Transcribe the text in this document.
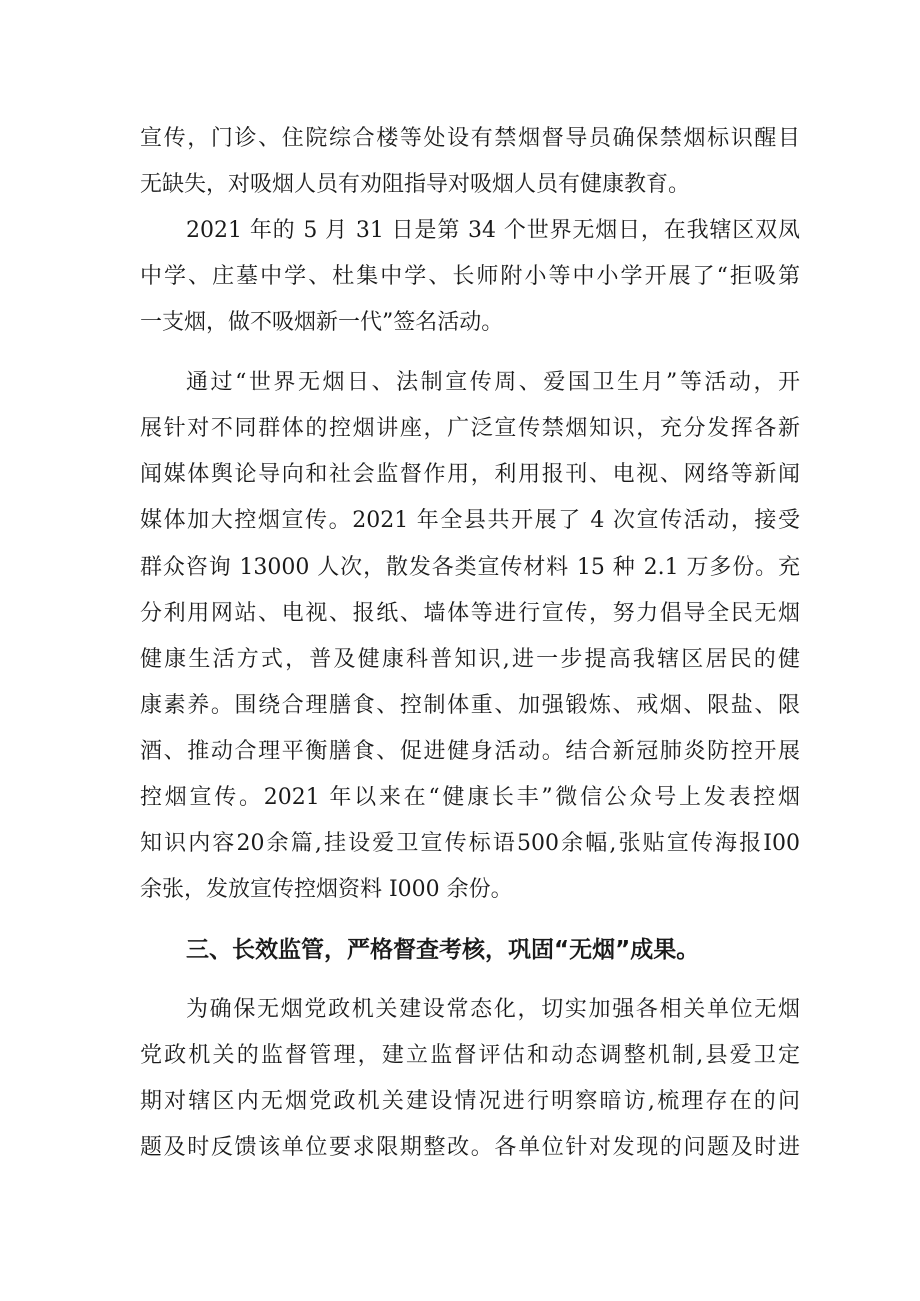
宣传，门诊、住院综合楼等处设有禁烟督导员确保禁烟标识醒目

无缺失，对吸烟人员有劝阻指导对吸烟人员有健康教育。

2021 年的 5 月 31 日是第 34 个世界无烟日，在我辖区双凤

中学、庄墓中学、杜集中学、长师附小等中小学开展了“拒吸第

一支烟，做不吸烟新一代”签名活动。

通过“世界无烟日、法制宣传周、爱国卫生月”等活动，开

展针对不同群体的控烟讲座，广泛宣传禁烟知识，充分发挥各新

闻媒体舆论导向和社会监督作用，利用报刊、电视、网络等新闻

媒体加大控烟宣传。2021 年全县共开展了 4 次宣传活动，接受

群众咨询 13000 人次，散发各类宣传材料 15 种 2.1 万多份。充

分利用网站、电视、报纸、墙体等进行宣传，努力倡导全民无烟

健康生活方式，普及健康科普知识,进一步提高我辖区居民的健

康素养。围绕合理膳食、控制体重、加强锻炼、戒烟、限盐、限

酒、推动合理平衡膳食、促进健身活动。结合新冠肺炎防控开展

控烟宣传。2021 年以来在“健康长丰”微信公众号上发表控烟

知识内容20余篇,挂设爱卫宣传标语500余幅,张贴宣传海报I00

余张，发放宣传控烟资料 I000 余份。

三、长效监管，严格督查考核，巩固“无烟”成果。

为确保无烟党政机关建设常态化，切实加强各相关单位无烟

党政机关的监督管理，建立监督评估和动态调整机制,县爱卫定

期对辖区内无烟党政机关建设情况进行明察暗访,梳理存在的问

题及时反馈该单位要求限期整改。各单位针对发现的问题及时进
